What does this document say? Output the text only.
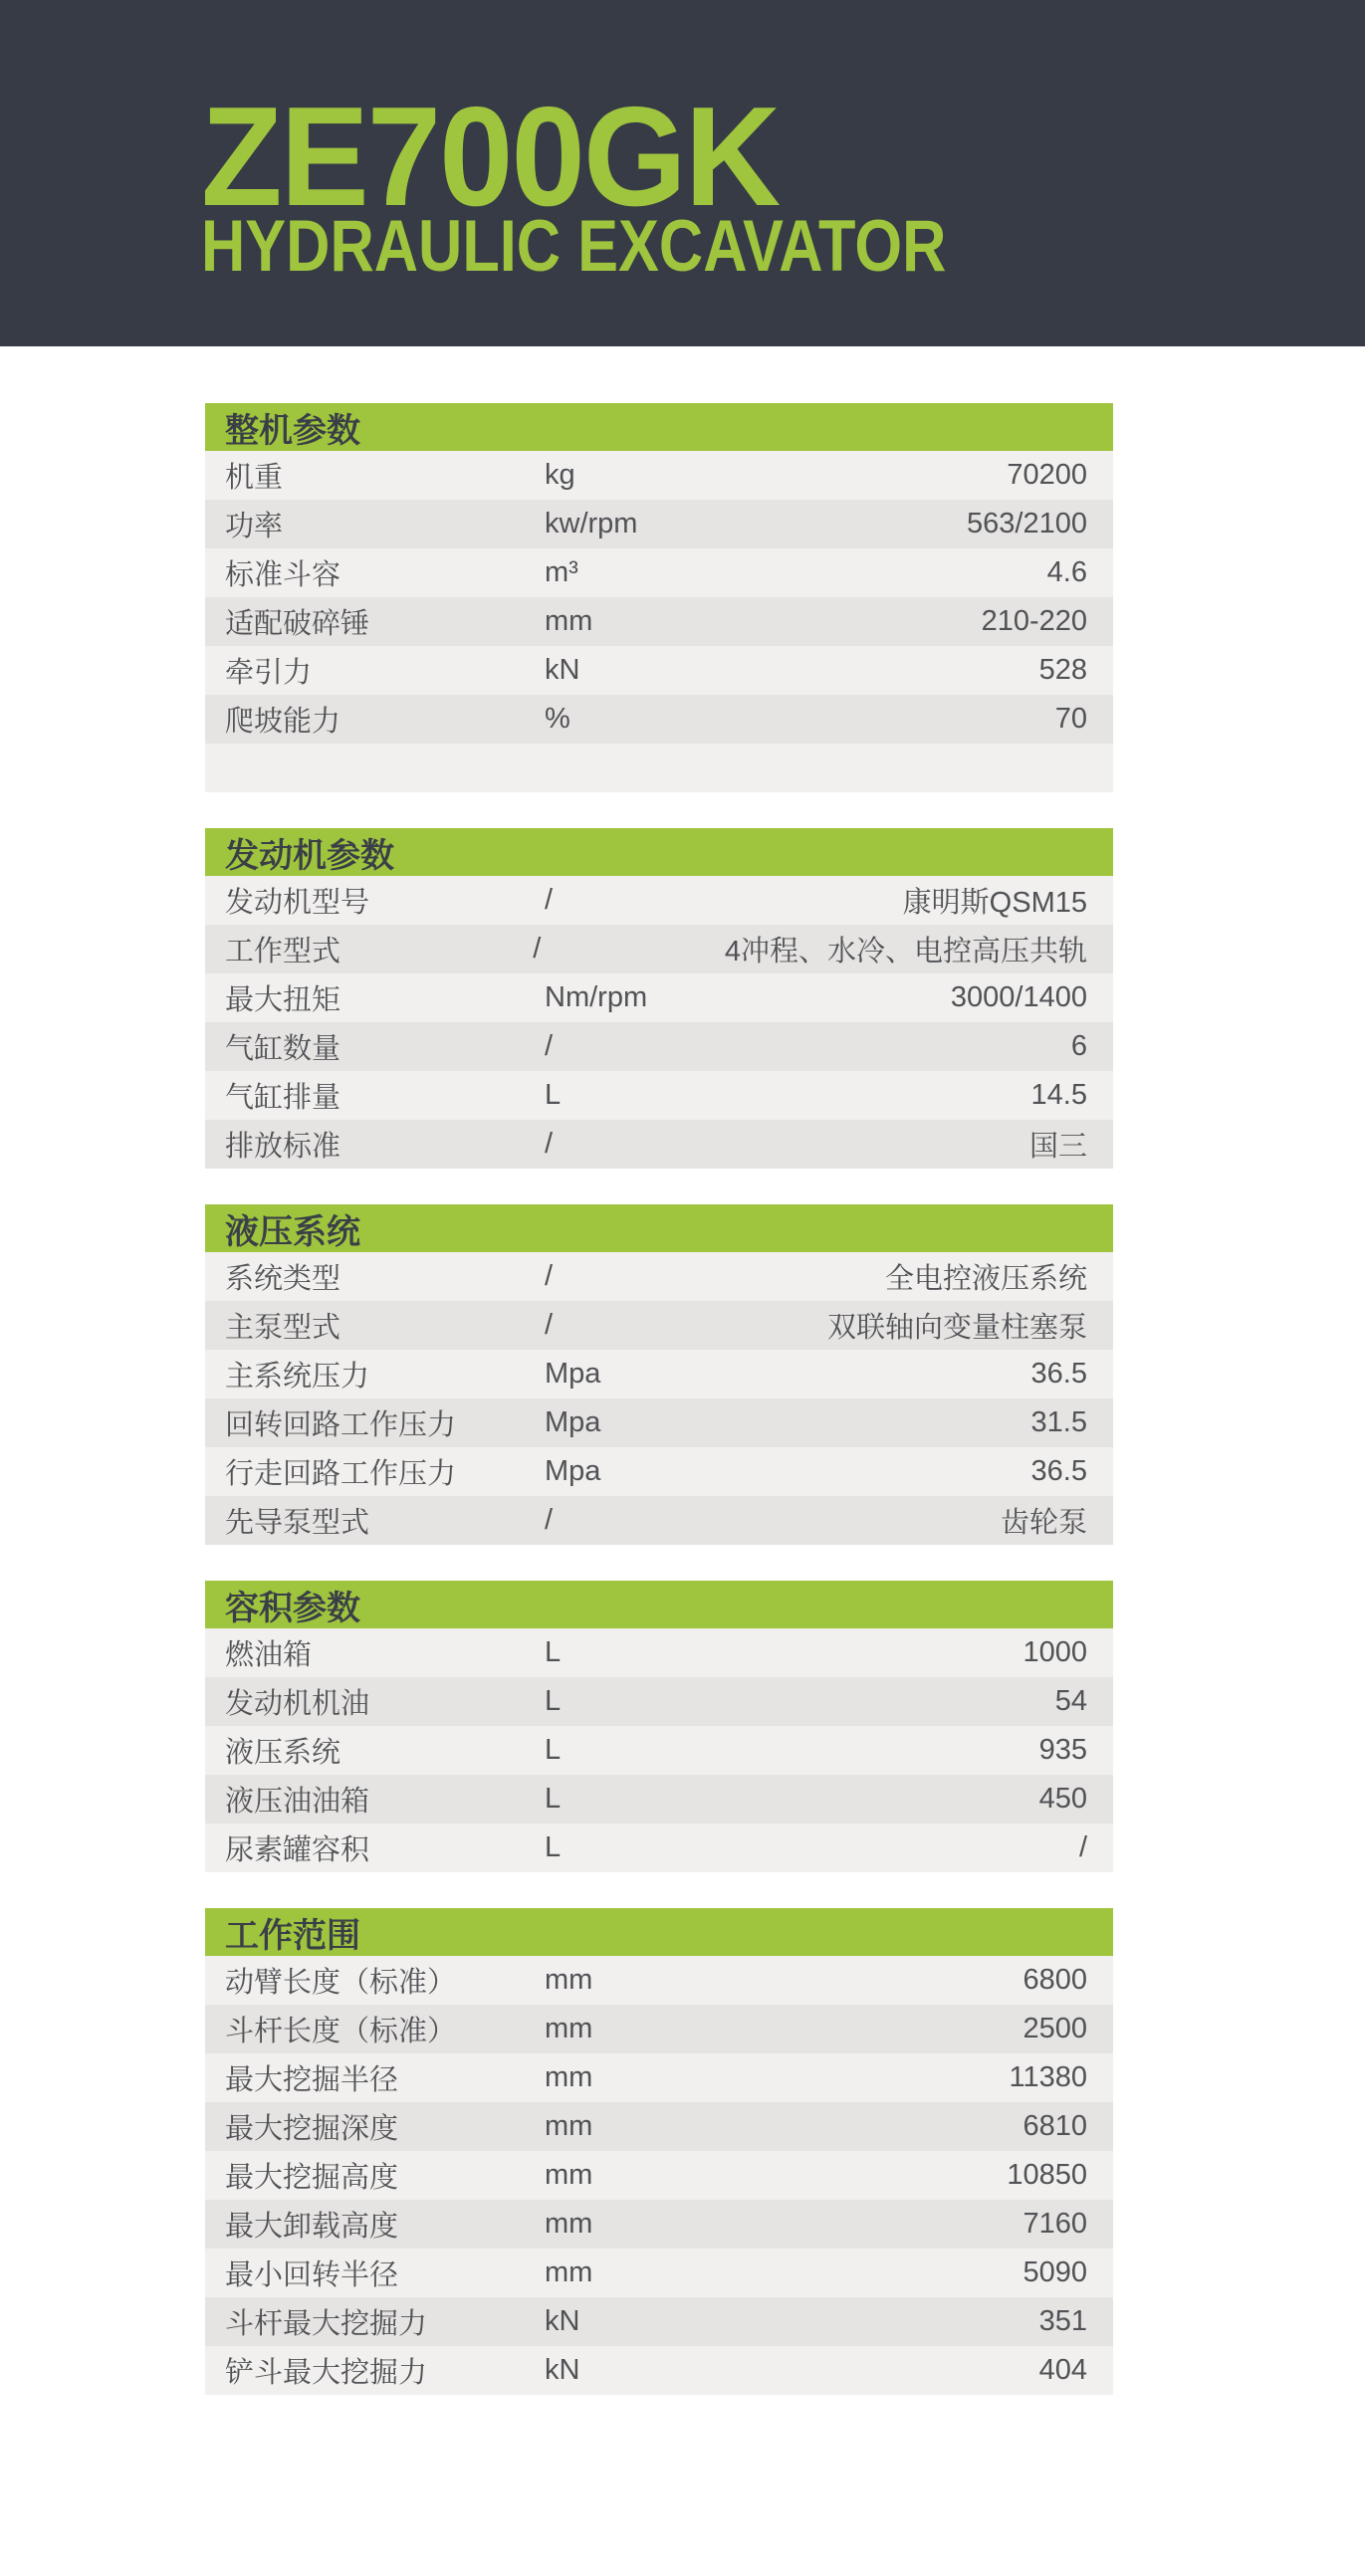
ZE700GK
HYDRAULIC EXCAVATOR
整机参数
机重	kg	70200
功率	kw/rpm	563/2100
标准斗容	m³	4.6
适配破碎锤	mm	210-220
牵引力	kN	528
爬坡能力	%	70
发动机参数
发动机型号	/	康明斯QSM15
工作型式	/	4冲程、水冷、电控高压共轨
最大扭矩	Nm/rpm	3000/1400
气缸数量	/	6
气缸排量	L	14.5
排放标准	/	国三
液压系统
系统类型	/	全电控液压系统
主泵型式	/	双联轴向变量柱塞泵
主系统压力	Mpa	36.5
回转回路工作压力	Mpa	31.5
行走回路工作压力	Mpa	36.5
先导泵型式	/	齿轮泵
容积参数
燃油箱	L	1000
发动机机油	L	54
液压系统	L	935
液压油油箱	L	450
尿素罐容积	L	/
工作范围
动臂长度（标准）	mm	6800
斗杆长度（标准）	mm	2500
最大挖掘半径	mm	11380
最大挖掘深度	mm	6810
最大挖掘高度	mm	10850
最大卸载高度	mm	7160
最小回转半径	mm	5090
斗杆最大挖掘力	kN	351
铲斗最大挖掘力	kN	404
